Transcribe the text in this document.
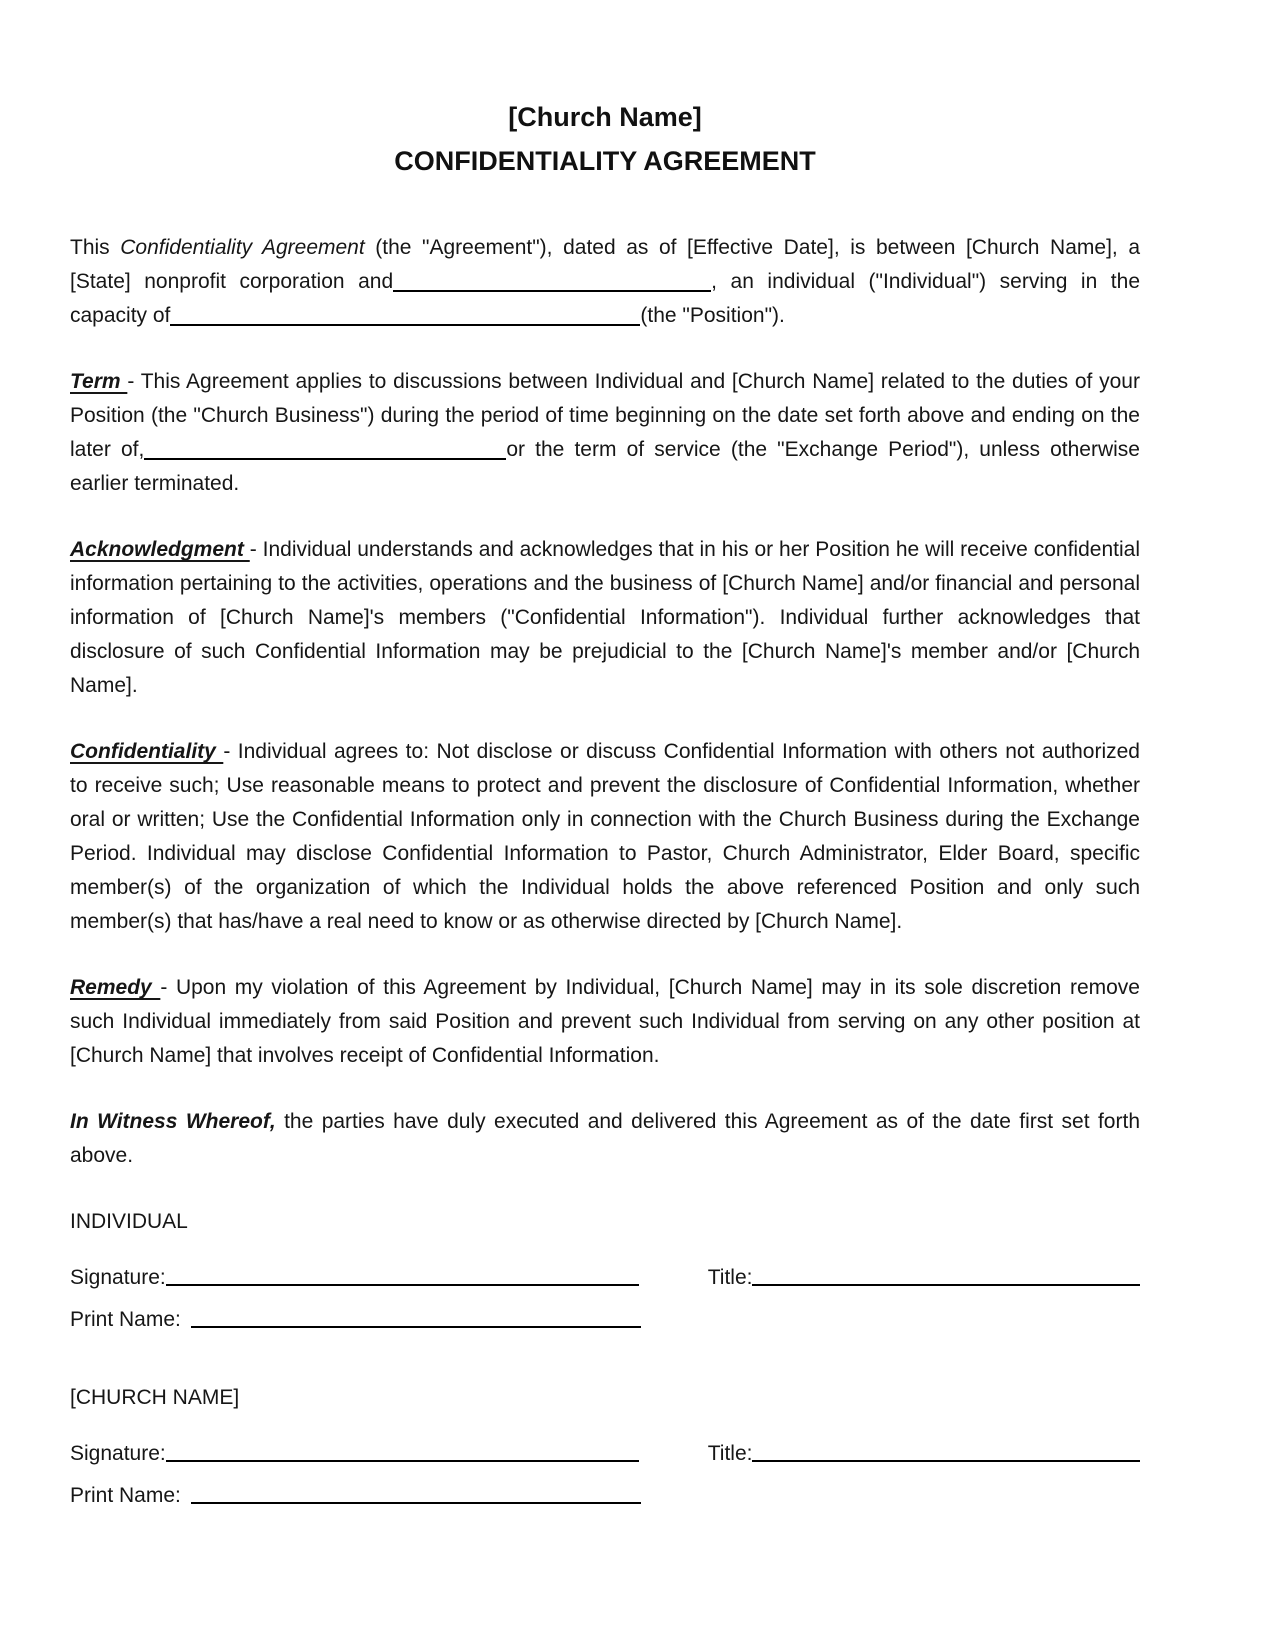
[Church Name]
CONFIDENTIALITY AGREEMENT

This Confidentiality Agreement (the "Agreement"), dated as of [Effective Date], is between [Church Name], a [State] nonprofit corporation and	, an individual ("Individual") serving in the capacity of	(the "Position").

Term - This Agreement applies to discussions between Individual and [Church Name] related to the duties of your Position (the "Church Business") during the period of time beginning on the date set forth above and ending on the later of,	or the term of service (the "Exchange Period"), unless otherwise earlier terminated.

Acknowledgment - Individual understands and acknowledges that in his or her Position he will receive confidential information pertaining to the activities, operations and the business of [Church Name] and/or financial and personal information of [Church Name]'s members ("Confidential Information"). Individual further acknowledges that disclosure of such Confidential Information may be prejudicial to the [Church Name]'s member and/or [Church Name].

Confidentiality - Individual agrees to: Not disclose or discuss Confidential Information with others not authorized to receive such; Use reasonable means to protect and prevent the disclosure of Confidential Information, whether oral or written; Use the Confidential Information only in connection with the Church Business during the Exchange Period. Individual may disclose Confidential Information to Pastor, Church Administrator, Elder Board, specific member(s) of the organization of which the Individual holds the above referenced Position and only such member(s) that has/have a real need to know or as otherwise directed by [Church Name].

Remedy - Upon my violation of this Agreement by Individual, [Church Name] may in its sole discretion remove such Individual immediately from said Position and prevent such Individual from serving on any other position at [Church Name] that involves receipt of Confidential Information.

In Witness Whereof, the parties have duly executed and delivered this Agreement as of the date first set forth above.

INDIVIDUAL
Signature:	Title:
Print Name:
[CHURCH NAME]
Signature:	Title:
Print Name:
